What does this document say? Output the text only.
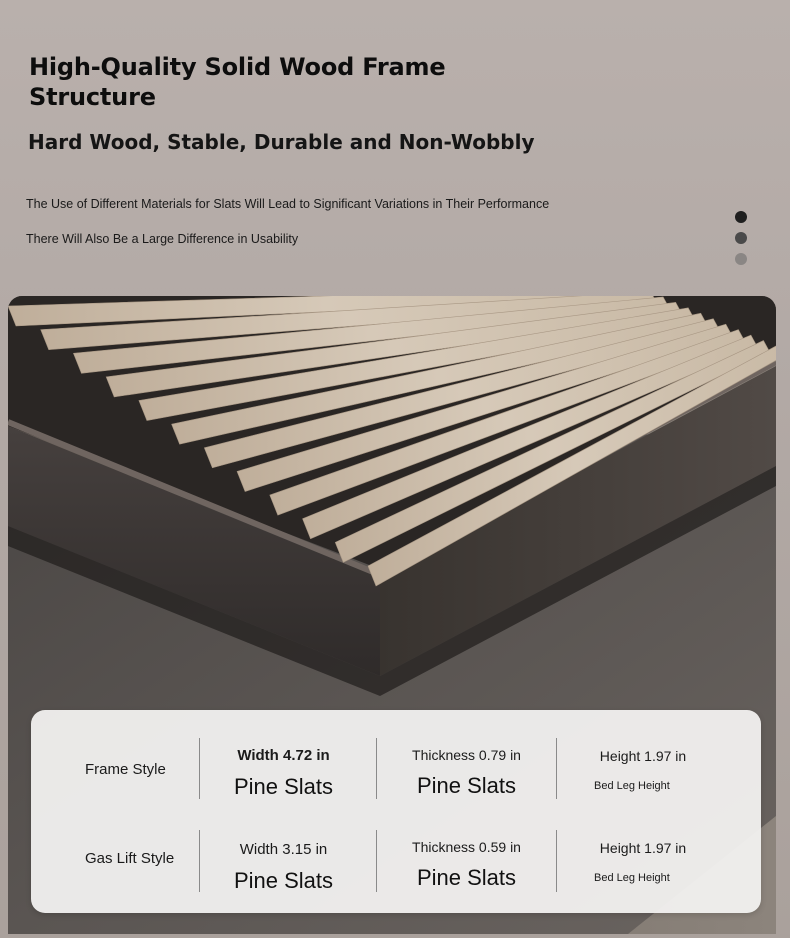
High-Quality Solid Wood Frame Structure
Hard Wood, Stable, Durable and Non-Wobbly

The Use of Different Materials for Slats Will Lead to Significant Variations in Their Performance

There Will Also Be a Large Difference in Usability

Frame Style
Width 4.72 in
Pine Slats
Thickness 0.79 in
Pine Slats
Height 1.97 in
Bed Leg Height
Gas Lift Style
Width 3.15 in
Pine Slats
Thickness 0.59 in
Pine Slats
Height 1.97 in
Bed Leg Height
